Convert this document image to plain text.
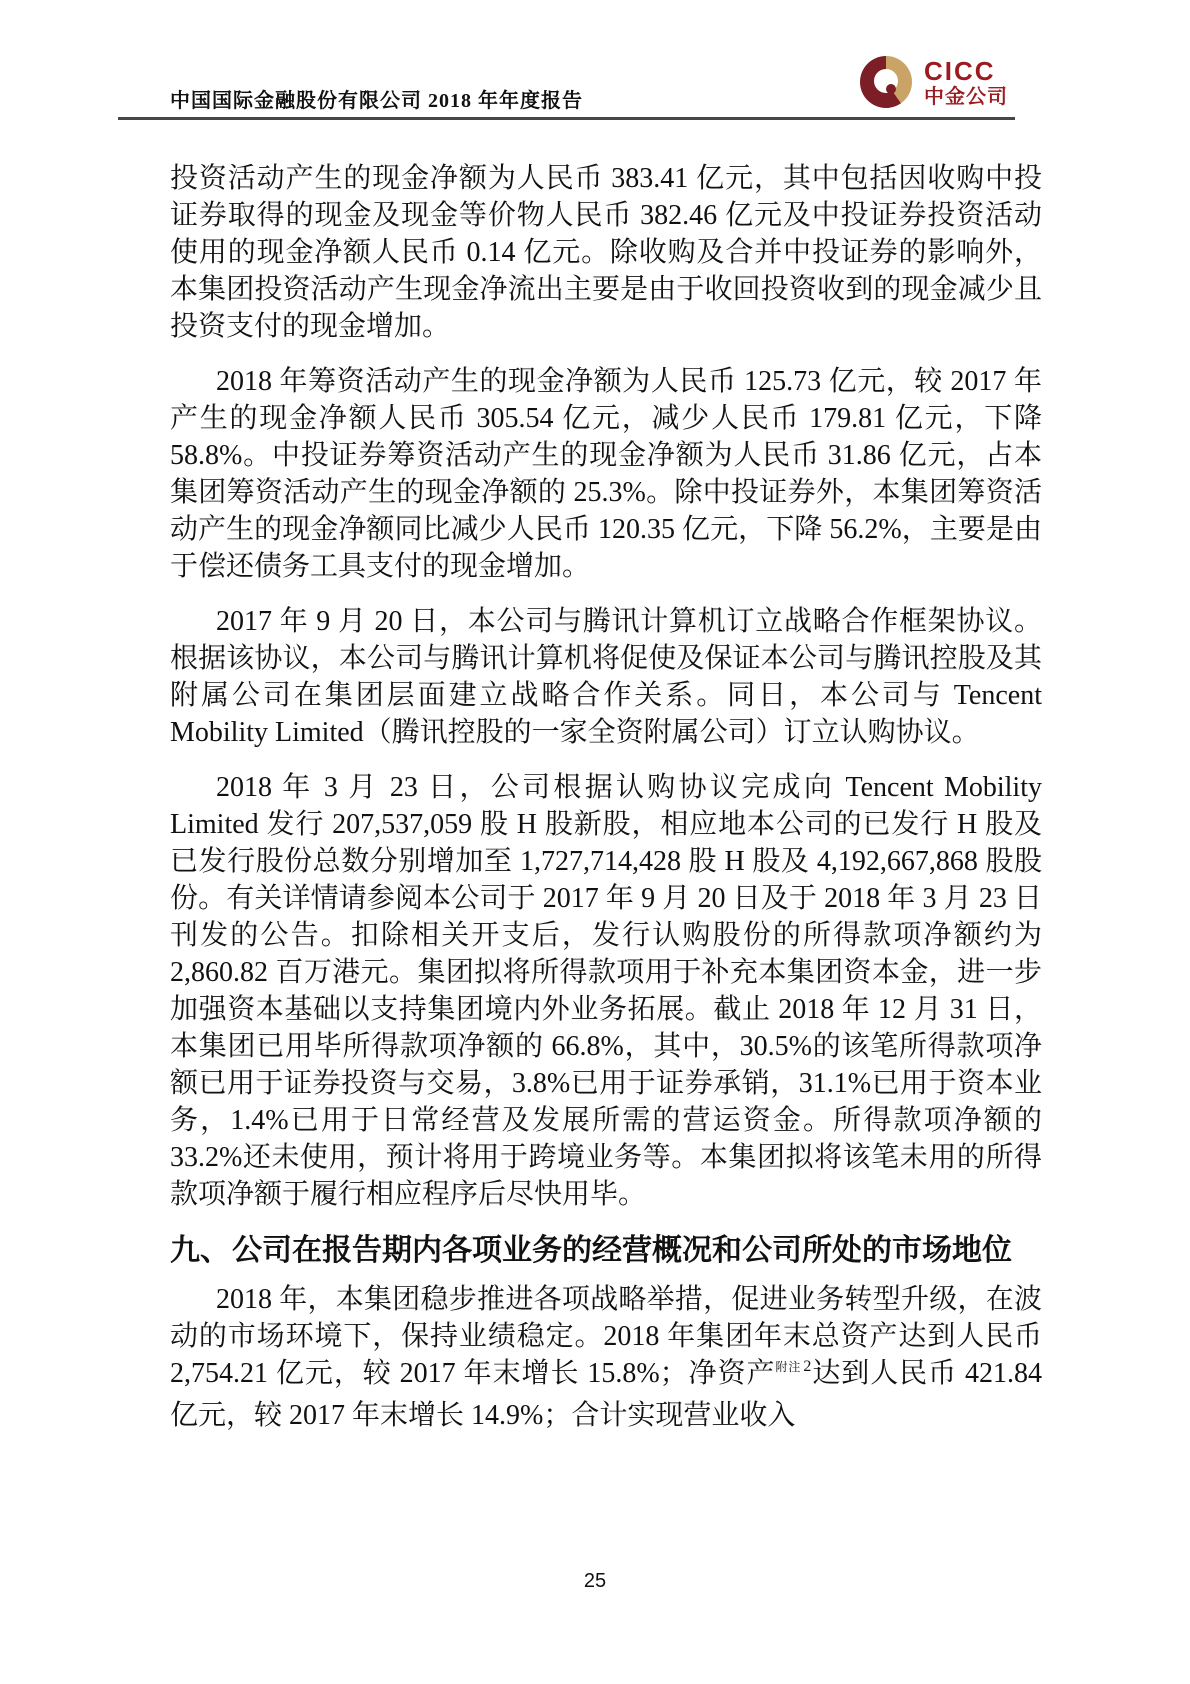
中国国际金融股份有限公司 2018 年年度报告
CICC
中金公司

投资活动产生的现金净额为人民币 383.41 亿元，其中包括因收购中投证券取得的现金及现金等价物人民币 382.46 亿元及中投证券投资活动使用的现金净额人民币 0.14 亿元。除收购及合并中投证券的影响外，本集团投资活动产生现金净流出主要是由于收回投资收到的现金减少且投资支付的现金增加。

2018 年筹资活动产生的现金净额为人民币 125.73 亿元，较 2017 年产生的现金净额人民币 305.54 亿元，减少人民币 179.81 亿元，下降 58.8%。中投证券筹资活动产生的现金净额为人民币 31.86 亿元，占本集团筹资活动产生的现金净额的 25.3%。除中投证券外，本集团筹资活动产生的现金净额同比减少人民币 120.35 亿元，下降 56.2%，主要是由于偿还债务工具支付的现金增加。

2017 年 9 月 20 日，本公司与腾讯计算机订立战略合作框架协议。根据该协议，本公司与腾讯计算机将促使及保证本公司与腾讯控股及其附属公司在集团层面建立战略合作关系。同日，本公司与 Tencent Mobility Limited（腾讯控股的一家全资附属公司）订立认购协议。

2018 年 3 月 23 日，公司根据认购协议完成向 Tencent Mobility Limited 发行 207,537,059 股 H 股新股，相应地本公司的已发行 H 股及已发行股份总数分别增加至 1,727,714,428 股 H 股及 4,192,667,868 股股份。有关详情请参阅本公司于 2017 年 9 月 20 日及于 2018 年 3 月 23 日刊发的公告。扣除相关开支后，发行认购股份的所得款项净额约为 2,860.82 百万港元。集团拟将所得款项用于补充本集团资本金，进一步加强资本基础以支持集团境内外业务拓展。截止 2018 年 12 月 31 日，本集团已用毕所得款项净额的 66.8%，其中，30.5%的该笔所得款项净额已用于证券投资与交易，3.8%已用于证券承销，31.1%已用于资本业务，1.4%已用于日常经营及发展所需的营运资金。所得款项净额的 33.2%还未使用，预计将用于跨境业务等。本集团拟将该笔未用的所得款项净额于履行相应程序后尽快用毕。

九、公司在报告期内各项业务的经营概况和公司所处的市场地位

2018 年，本集团稳步推进各项战略举措，促进业务转型升级，在波动的市场环境下，保持业绩稳定。2018 年集团年末总资产达到人民币 2,754.21 亿元，较 2017 年末增长 15.8%；净资产附注 2达到人民币 421.84 亿元，较 2017 年末增长 14.9%；合计实现营业收入

25
